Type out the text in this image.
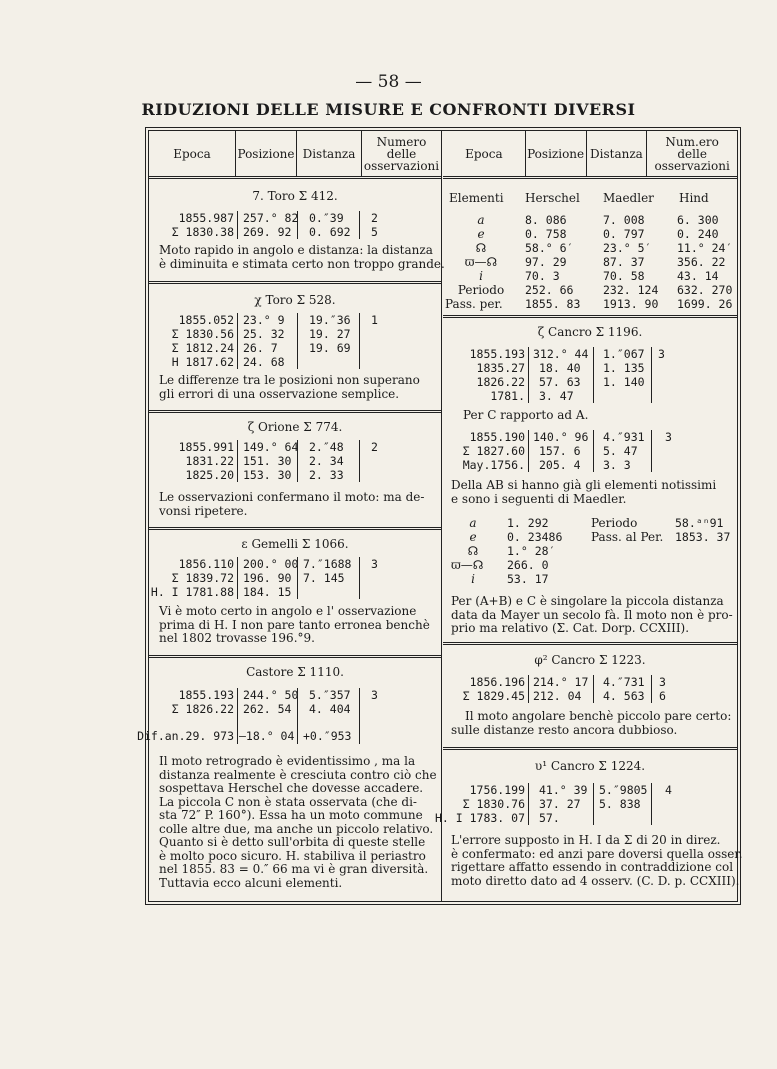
— 58 —
RIDUZIONI DELLE MISURE E CONFRONTI DIVERSI
Epoca	Posizione Distanza
Numero
delle
osservazioni
7. Toro Σ 412.
1855.987
Σ 1830.38
257.° 82
269. 92
0.″39
0. 692
2
5
Moto rapido in angolo e distanza: la distanza
è diminuita e stimata certo non troppo grande.
χ Toro Σ 528.
1855.052
Σ 1830.56
Σ 1812.24
H 1817.62
23.° 9
25. 32
26. 7
24. 68
19.″36
19. 27
19. 69
1
Le differenze tra le posizioni non superano
gli errori di una osservazione semplice.
ζ Orione Σ 774.
1855.991
1831.22
1825.20
149.° 64
151. 30
153. 30
2.″48
2. 34
2. 33
2
Le osservazioni confermano il moto: ma de-
vonsi ripetere.
ε Gemelli Σ 1066.
1856.110
Σ 1839.72
H. I 1781.88
200.° 00
196. 90
184. 15
7.″1688
7. 145
3
Vi è moto certo in angolo e l' osservazione
prima di H. I non pare tanto erronea benchè
nel 1802 trovasse 196.°9.
Castore Σ 1110.
1855.193
Σ 1826.22
Dif.an.29. 973
244.° 50
262. 54
—18.° 04
5.″357
4. 404
+0.″953
3
Il moto retrogrado è evidentissimo , ma la
distanza realmente è cresciuta contro ciò che
sospettava Herschel che dovesse accadere.
La piccola C non è stata osservata (che di-
sta 72″ P. 160°). Essa ha un moto commune
colle altre due, ma anche un piccolo relativo.
Quanto si è detto sull'orbita di queste stelle
è molto poco sicuro. H. stabiliva il periastro
nel 1855. 83 = 0.″ 66 ma vi è gran diversità.
Tuttavia ecco alcuni elementi.
Epoca	Posizione Distanza
Num.ero
delle
osservazioni
Elementi Herschel Maedler Hind
a
e
☊
ϖ—☊
i
Periodo
Pass. per.
8. 086
0. 758
58.° 6′
97. 29
70. 3
252. 66
1855. 83
7. 008
0. 797
23.° 5′
87. 37
70. 58
232. 124
1913. 90
6. 300
0. 240
11.° 24′
356. 22
43. 14
632. 270
1699. 26
ζ Cancro Σ 1196.
1855.193
1835.27
1826.22
1781.
312.° 44
18. 40
57. 63
3. 47
1.″067
1. 135
1. 140
3
Per C rapporto ad A.
1855.190
Σ 1827.60
May.1756.
140.° 96
157. 6
205. 4
4.″931
5. 47
3. 3
3
Della AB si hanno già gli elementi notissimi
e sono i seguenti di Maedler.
a
e
☊
ϖ—☊
i
1. 292
0. 23486
1.° 28′
266. 0
53. 17
Periodo
Pass. al Per.
58.ᵃⁿ91
1853. 37
Per (A+B) e C è singolare la piccola distanza
data da Mayer un secolo fà. Il moto non è pro-
prio ma relativo (Σ. Cat. Dorp. CCXIII).
φ² Cancro Σ 1223.
1856.196
Σ 1829.45
214.° 17
212. 04
4.″731
4. 563
3
6
Il moto angolare benchè piccolo pare certo:
sulle distanze resto ancora dubbioso.
υ¹ Cancro Σ 1224.
1756.199
Σ 1830.76
H. I 1783. 07
41.° 39
37. 27
57.
5.″9805
5. 838
4
L'errore supposto in H. I da Σ di 20 in direz.
è confermato: ed anzi pare doversi quella osser.
rigettare affatto essendo in contraddizione col
moto diretto dato ad 4 osserv. (C. D. p. CCXIII).
